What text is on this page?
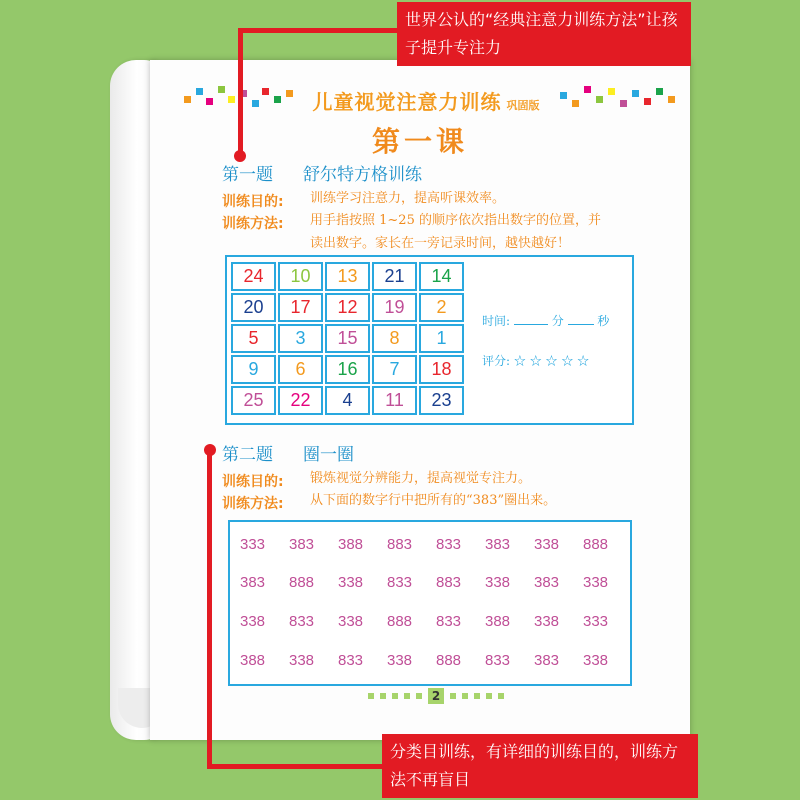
儿童视觉注意力训练 巩固版
第一课
第一题 舒尔特方格训练
训练目的: 训练学习注意力，提高听课效率。
训练方法: 用手指按照 1~25 的顺序依次指出数字的位置，并
读出数字。家长在一旁记录时间，越快越好！
24	10	13	21	14
20	17	12	19	2
5	3	15	8	1
9	6	16	7	18
25	22	4	11	23
时间:	分	秒
评分: ☆ ☆ ☆ ☆ ☆
第二题 圈一圈
训练目的: 锻炼视觉分辨能力，提高视觉专注力。
训练方法: 从下面的数字行中把所有的“383”圈出来。
333	383	388	883	833	383	338	888
383	888	338	833	883	338	383	338
338	833	338	888	833	388	338	333
388	338	833	338	888	833	383	338
2
世界公认的“经典注意力训练方法”让孩子提升专注力
分类目训练，有详细的训练目的，训练方法不再盲目
